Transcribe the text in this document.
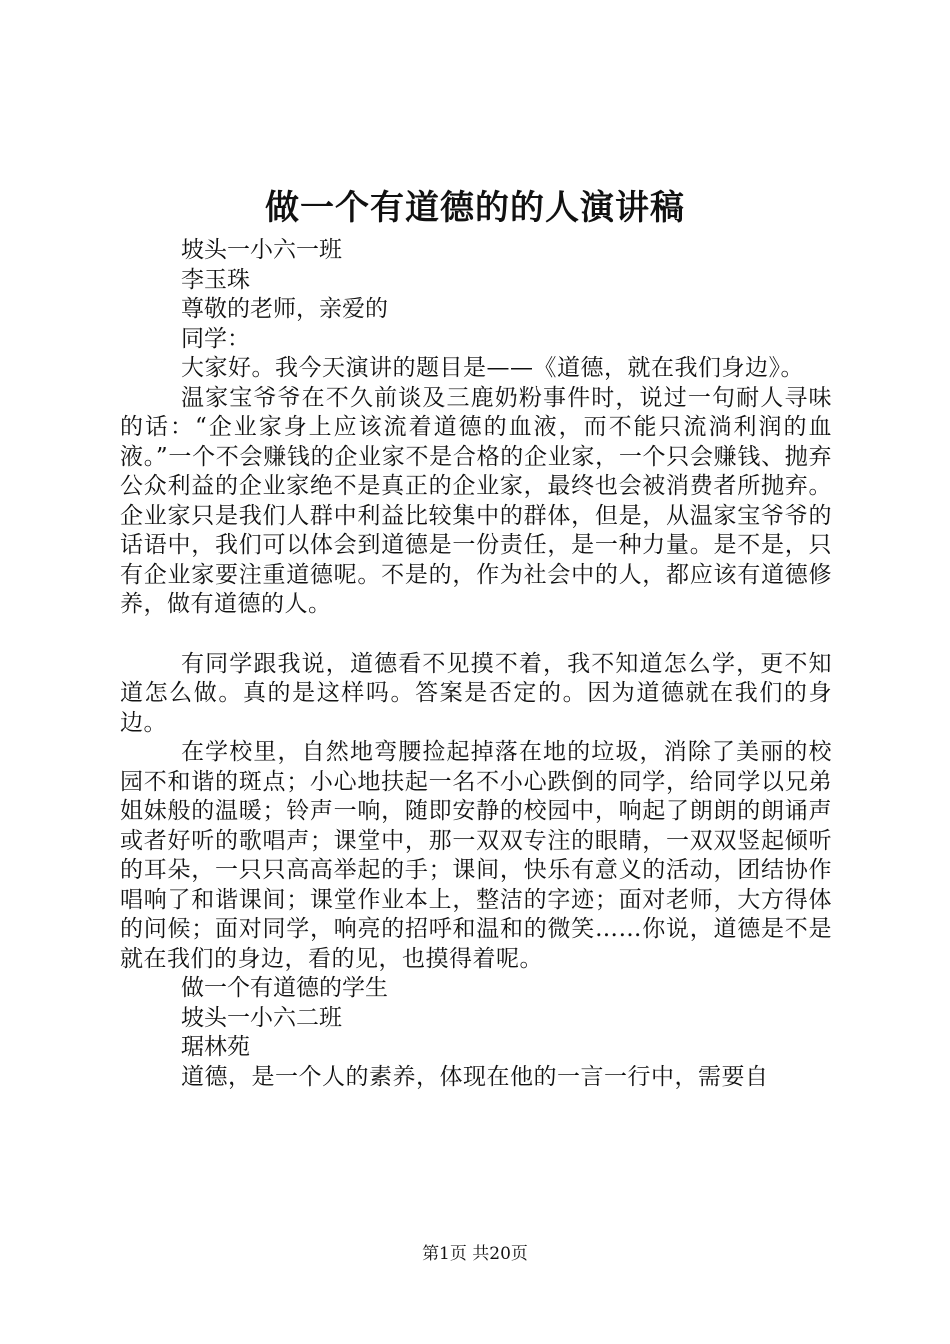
做一个有道德的的人演讲稿
坡头一小六一班
李玉珠
尊敬的老师，亲爱的
同学：

大家好。我今天演讲的题目是——《道德，就在我们身边》。

温家宝爷爷在不久前谈及三鹿奶粉事件时，说过一句耐人寻味的话：“企业家身上应该流着道德的血液，而不能只流淌利润的血液。”一个不会赚钱的企业家不是合格的企业家，一个只会赚钱、抛弃公众利益的企业家绝不是真正的企业家，最终也会被消费者所抛弃。企业家只是我们人群中利益比较集中的群体，但是，从温家宝爷爷的话语中，我们可以体会到道德是一份责任，是一种力量。是不是，只有企业家要注重道德呢。不是的，作为社会中的人，都应该有道德修养，做有道德的人。

有同学跟我说，道德看不见摸不着，我不知道怎么学，更不知道怎么做。真的是这样吗。答案是否定的。因为道德就在我们的身边。

在学校里，自然地弯腰捡起掉落在地的垃圾，消除了美丽的校园不和谐的斑点；小心地扶起一名不小心跌倒的同学，给同学以兄弟姐妹般的温暖；铃声一响，随即安静的校园中，响起了朗朗的朗诵声或者好听的歌唱声；课堂中，那一双双专注的眼睛，一双双竖起倾听的耳朵，一只只高高举起的手；课间，快乐有意义的活动，团结协作唱响了和谐课间；课堂作业本上，整洁的字迹；面对老师，大方得体的问候；面对同学，响亮的招呼和温和的微笑……你说，道德是不是就在我们的身边，看的见，也摸得着呢。

做一个有道德的学生
坡头一小六二班
琚林苑

道德，是一个人的素养，体现在他的一言一行中，需要自

第1页 共20页
